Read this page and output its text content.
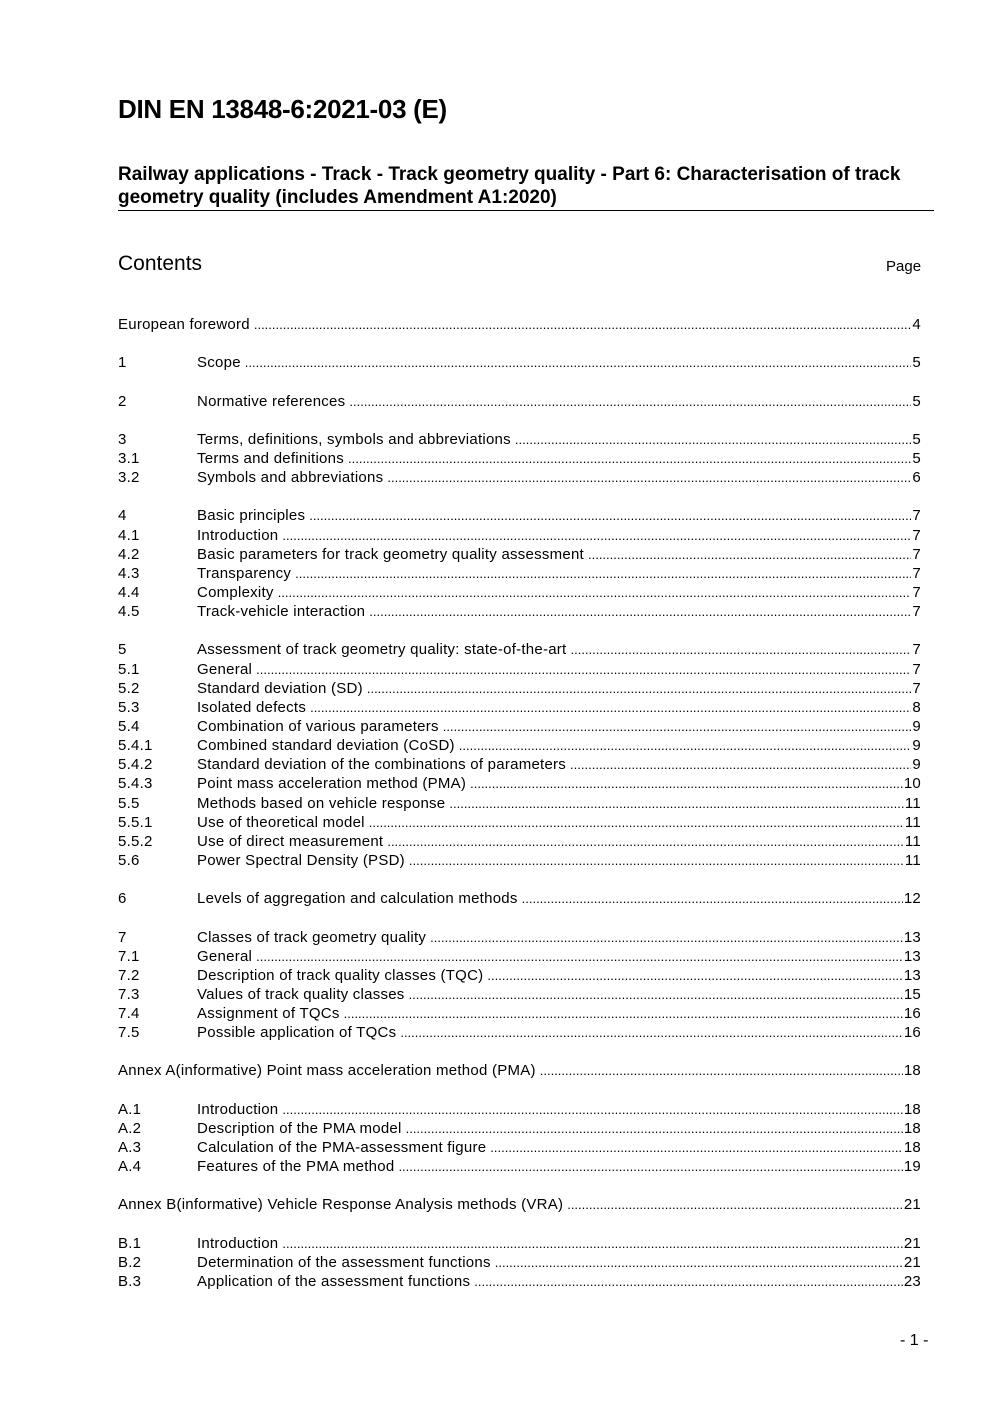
DIN EN 13848-6:2021-03 (E)
Railway applications - Track - Track geometry quality - Part 6: Characterisation of track geometry quality (includes Amendment A1:2020)
Contents	Page
European foreword .....	4
1	Scope .....	5
2	Normative references .....	5
3	Terms, definitions, symbols and abbreviations .....	5
3.1	Terms and definitions .....	5
3.2	Symbols and abbreviations .....	6
4	Basic principles .....	7
4.1	Introduction .....	7
4.2	Basic parameters for track geometry quality assessment .....	7
4.3	Transparency .....	7
4.4	Complexity .....	7
4.5	Track-vehicle interaction .....	7
5	Assessment of track geometry quality: state-of-the-art .....	7
5.1	General .....	7
5.2	Standard deviation (SD) .....	7
5.3	Isolated defects .....	8
5.4	Combination of various parameters .....	9
5.4.1	Combined standard deviation (CoSD) .....	9
5.4.2	Standard deviation of the combinations of parameters .....	9
5.4.3	Point mass acceleration method (PMA) .....	10
5.5	Methods based on vehicle response .....	11
5.5.1	Use of theoretical model .....	11
5.5.2	Use of direct measurement .....	11
5.6	Power Spectral Density (PSD) .....	11
6	Levels of aggregation and calculation methods .....	12
7	Classes of track geometry quality .....	13
7.1	General .....	13
7.2	Description of track quality classes (TQC) .....	13
7.3	Values of track quality classes .....	15
7.4	Assignment of TQCs .....	16
7.5	Possible application of TQCs .....	16
Annex A(informative) Point mass acceleration method (PMA) .....	18
A.1	Introduction .....	18
A.2	Description of the PMA model .....	18
A.3	Calculation of the PMA-assessment figure .....	18
A.4	Features of the PMA method .....	19
Annex B(informative) Vehicle Response Analysis methods (VRA) .....	21
B.1	Introduction .....	21
B.2	Determination of the assessment functions .....	21
B.3	Application of the assessment functions .....	23
- 1 -
